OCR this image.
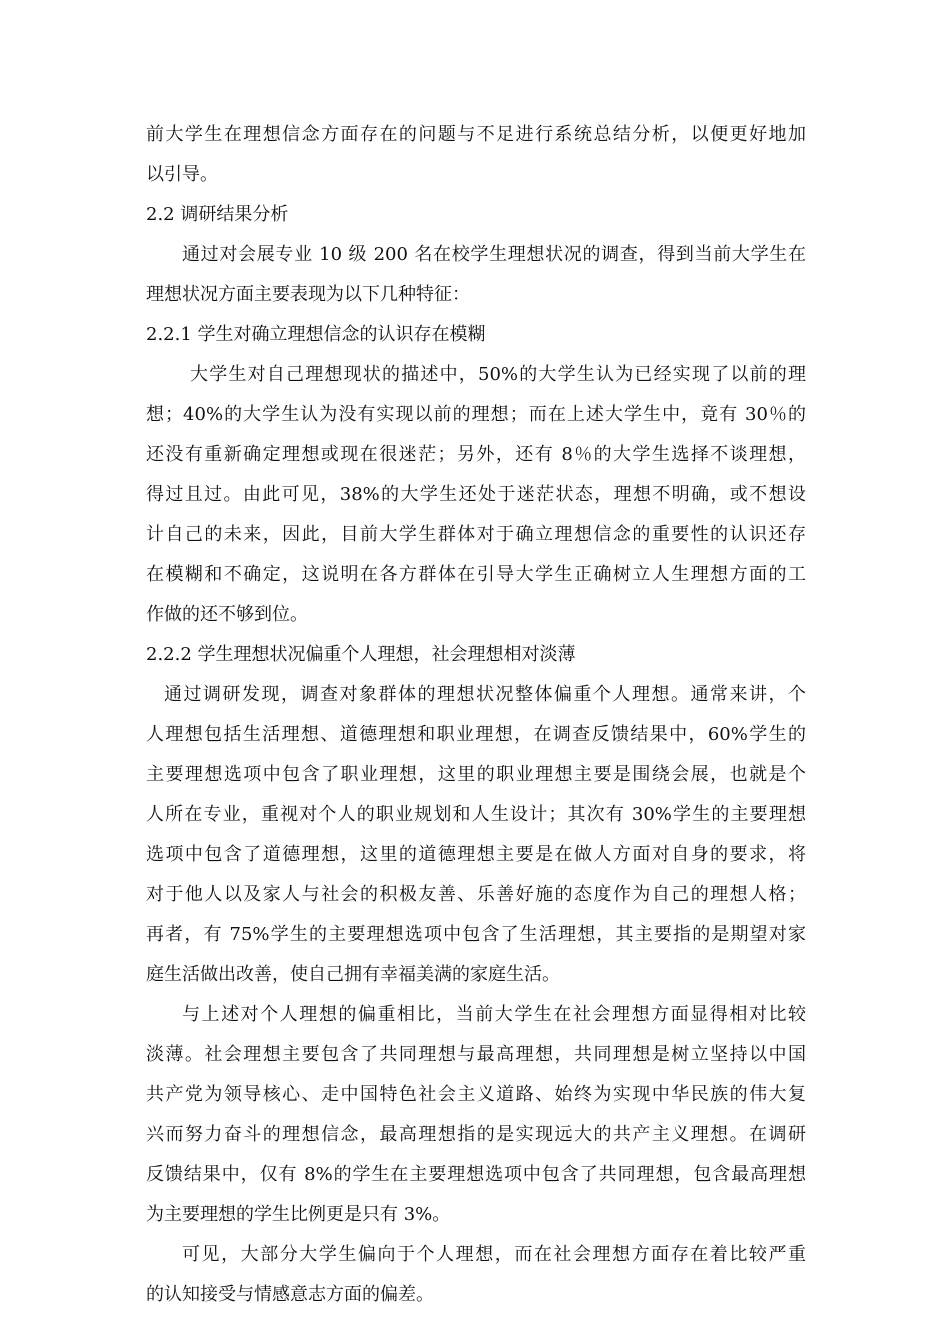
前大学生在理想信念方面存在的问题与不足进行系统总结分析，以便更好地加

以引导。

2.2 调研结果分析

通过对会展专业 10 级 200 名在校学生理想状况的调查，得到当前大学生在

理想状况方面主要表现为以下几种特征：

2.2.1 学生对确立理想信念的认识存在模糊

大学生对自己理想现状的描述中，50%的大学生认为已经实现了以前的理

想；40%的大学生认为没有实现以前的理想；而在上述大学生中，竟有 30％的

还没有重新确定理想或现在很迷茫；另外，还有 8％的大学生选择不谈理想，

得过且过。由此可见，38%的大学生还处于迷茫状态，理想不明确，或不想设

计自己的未来，因此，目前大学生群体对于确立理想信念的重要性的认识还存

在模糊和不确定，这说明在各方群体在引导大学生正确树立人生理想方面的工

作做的还不够到位。

2.2.2 学生理想状况偏重个人理想，社会理想相对淡薄

通过调研发现，调查对象群体的理想状况整体偏重个人理想。通常来讲，个

人理想包括生活理想、道德理想和职业理想，在调查反馈结果中，60%学生的

主要理想选项中包含了职业理想，这里的职业理想主要是围绕会展，也就是个

人所在专业，重视对个人的职业规划和人生设计；其次有 30%学生的主要理想

选项中包含了道德理想，这里的道德理想主要是在做人方面对自身的要求，将

对于他人以及家人与社会的积极友善、乐善好施的态度作为自己的理想人格；

再者，有 75%学生的主要理想选项中包含了生活理想，其主要指的是期望对家

庭生活做出改善，使自己拥有幸福美满的家庭生活。

与上述对个人理想的偏重相比，当前大学生在社会理想方面显得相对比较

淡薄。社会理想主要包含了共同理想与最高理想，共同理想是树立坚持以中国

共产党为领导核心、走中国特色社会主义道路、始终为实现中华民族的伟大复

兴而努力奋斗的理想信念，最高理想指的是实现远大的共产主义理想。在调研

反馈结果中，仅有 8%的学生在主要理想选项中包含了共同理想，包含最高理想

为主要理想的学生比例更是只有 3%。

可见，大部分大学生偏向于个人理想，而在社会理想方面存在着比较严重

的认知接受与情感意志方面的偏差。
